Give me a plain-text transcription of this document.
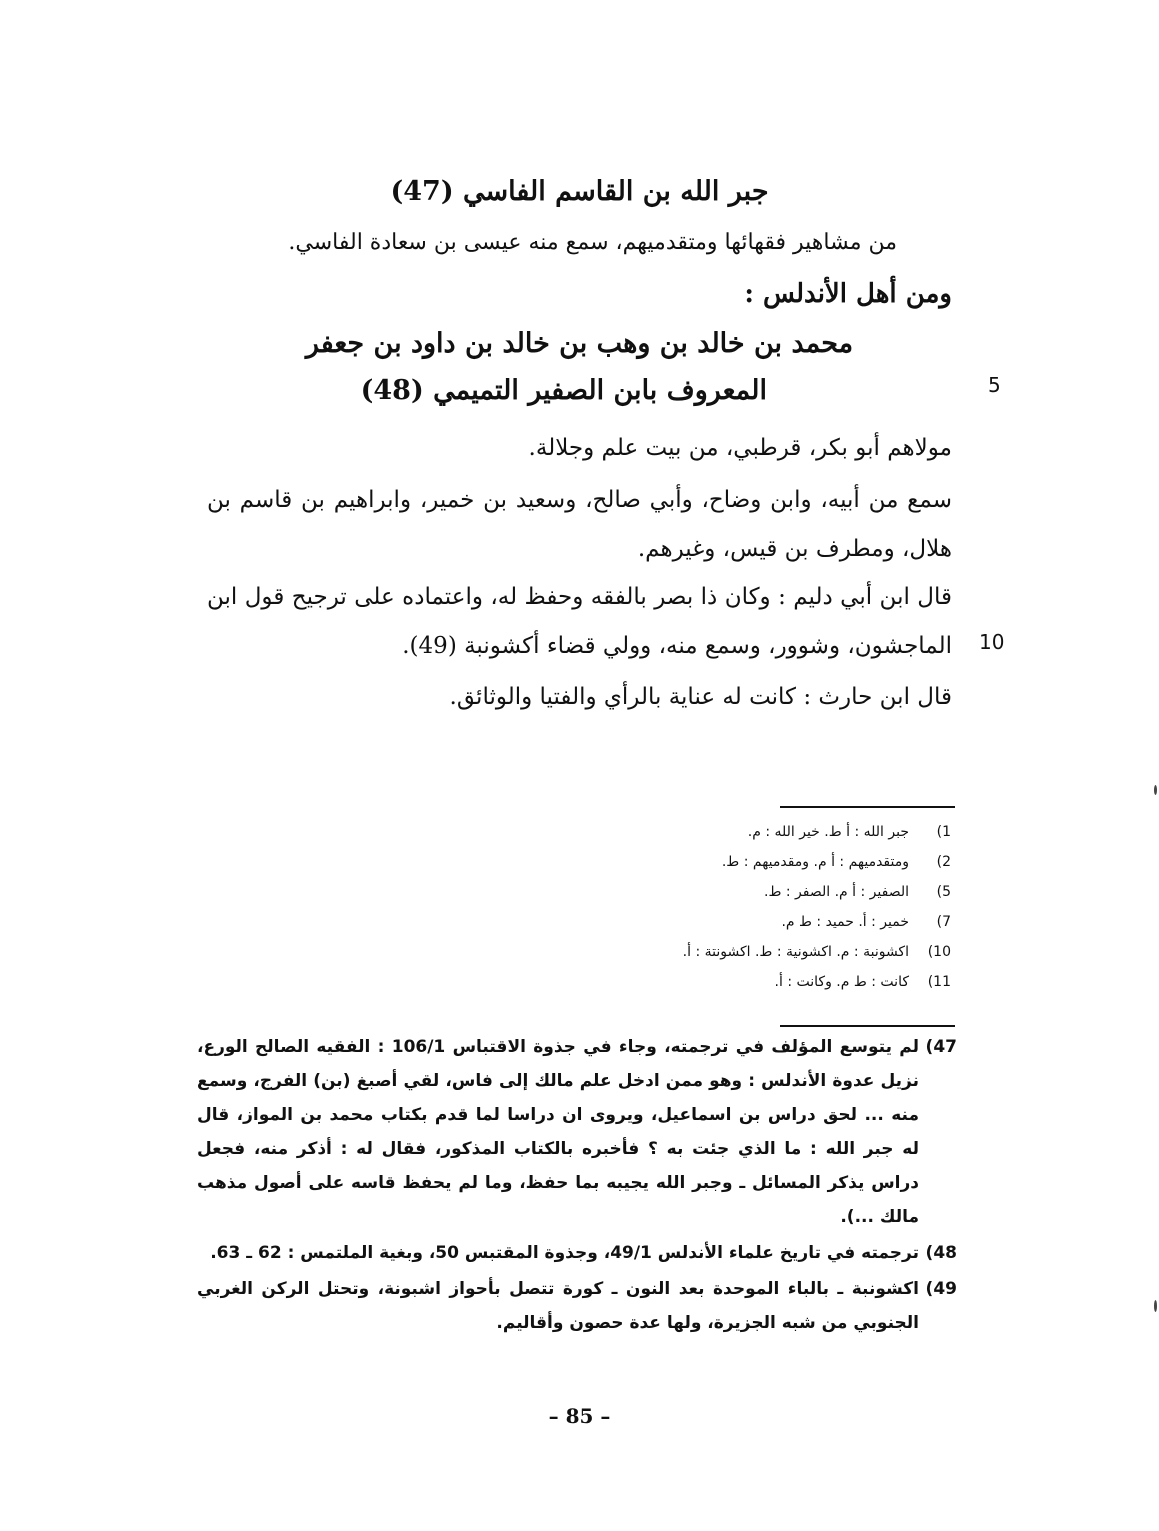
جبر الله بن القاسم الفاسي (47)
من مشاهير فقهائها ومتقدميهم، سمع منه عيسى بن سعادة الفاسي.
ومن أهل الأندلس :
محمد بن خالد بن وهب بن خالد بن داود بن جعفر
المعروف بابن الصفير التميمي (48)
مولاهم أبو بكر، قرطبي، من بيت علم وجلالة.
سمع من أبيه، وابن وضاح، وأبي صالح، وسعيد بن خمير، وابراهيم بن قاسم بن هلال، ومطرف بن قيس، وغيرهم.
قال ابن أبي دليم : وكان ذا بصر بالفقه وحفظ له، واعتماده على ترجيح قول ابن الماجشون، وشوور، وسمع منه، وولي قضاء أكشونبة (49).
قال ابن حارث : كانت له عناية بالرأي والفتيا والوثائق.
5
10
1)
جبر الله : أ ط. خير الله : م.
2)
ومتقدميهم : أ م. ومقدميهم : ط.
5)
الصفير : أ م. الصفر : ط.
7)
خمير : أ. حميد : ط م.
10)
اكشونبة : م. اكشونية : ط. اكشونتة : أ.
11)
كانت : ط م. وكانت : أ.
47)
لم يتوسع المؤلف في ترجمته، وجاء في جذوة الاقتباس 106/1 : الفقيه الصالح الورع، نزيل عدوة الأندلس : وهو ممن ادخل علم مالك إلى فاس، لقي أصبغ (بن) الفرج، وسمع منه ... لحق دراس بن اسماعيل، ويروى ان دراسا لما قدم بكتاب محمد بن المواز، قال له جبر الله : ما الذي جئت به ؟ فأخبره بالكتاب المذكور، فقال له : أذكر منه، فجعل دراس يذكر المسائل ـ وجبر الله يجيبه بما حفظ، وما لم يحفظ قاسه على أصول مذهب مالك ...).
48)
ترجمته في تاريخ علماء الأندلس 49/1، وجذوة المقتبس 50، وبغية الملتمس : 62 ـ 63.
49)
اكشونبة ـ بالباء الموحدة بعد النون ـ كورة تتصل بأحواز اشبونة، وتحتل الركن الغربي الجنوبي من شبه الجزيرة، ولها عدة حصون وأقاليم.
– 85 –
